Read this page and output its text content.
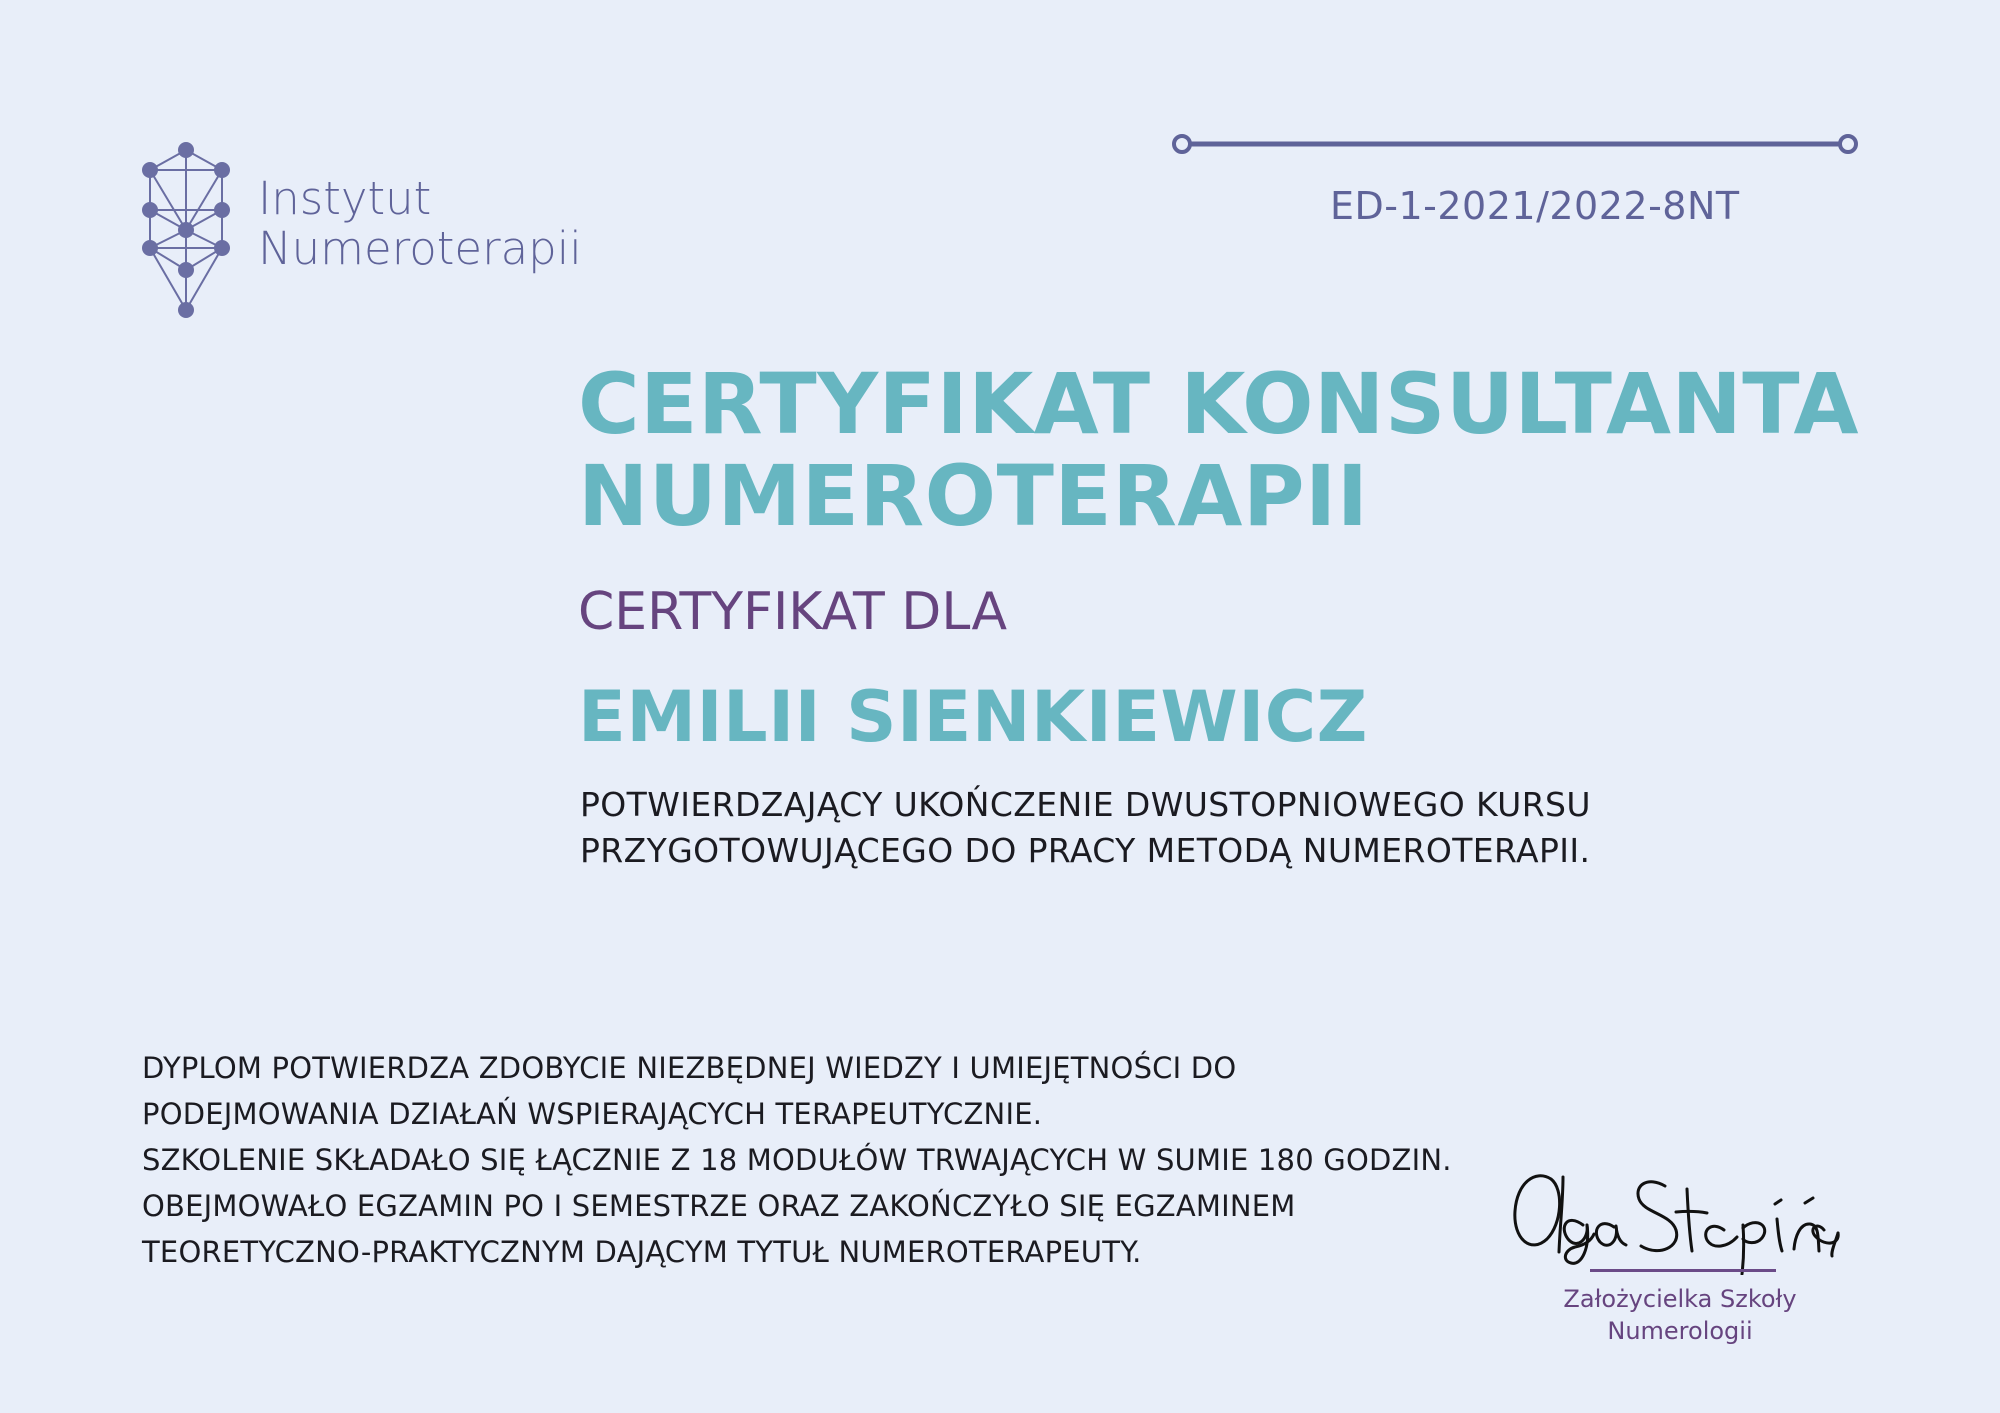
Instytut
Numeroterapii
ED-1-2021/2022-8NT
CERTYFIKAT KONSULTANTA
NUMEROTERAPII
CERTYFIKAT DLA
EMILII SIENKIEWICZ
POTWIERDZAJĄCY UKOŃCZENIE DWUSTOPNIOWEGO KURSU
PRZYGOTOWUJĄCEGO DO PRACY METODĄ NUMEROTERAPII.
DYPLOM POTWIERDZA ZDOBYCIE NIEZBĘDNEJ WIEDZY I UMIEJĘTNOŚCI DO
PODEJMOWANIA DZIAŁAŃ WSPIERAJĄCYCH TERAPEUTYCZNIE.
SZKOLENIE SKŁADAŁO SIĘ ŁĄCZNIE Z 18 MODUŁÓW TRWAJĄCYCH W SUMIE 180 GODZIN.
OBEJMOWAŁO EGZAMIN PO I SEMESTRZE ORAZ ZAKOŃCZYŁO SIĘ EGZAMINEM
TEORETYCZNO-PRAKTYCZNYM DAJĄCYM TYTUŁ NUMEROTERAPEUTY.
Założycielka Szkoły
Numerologii
